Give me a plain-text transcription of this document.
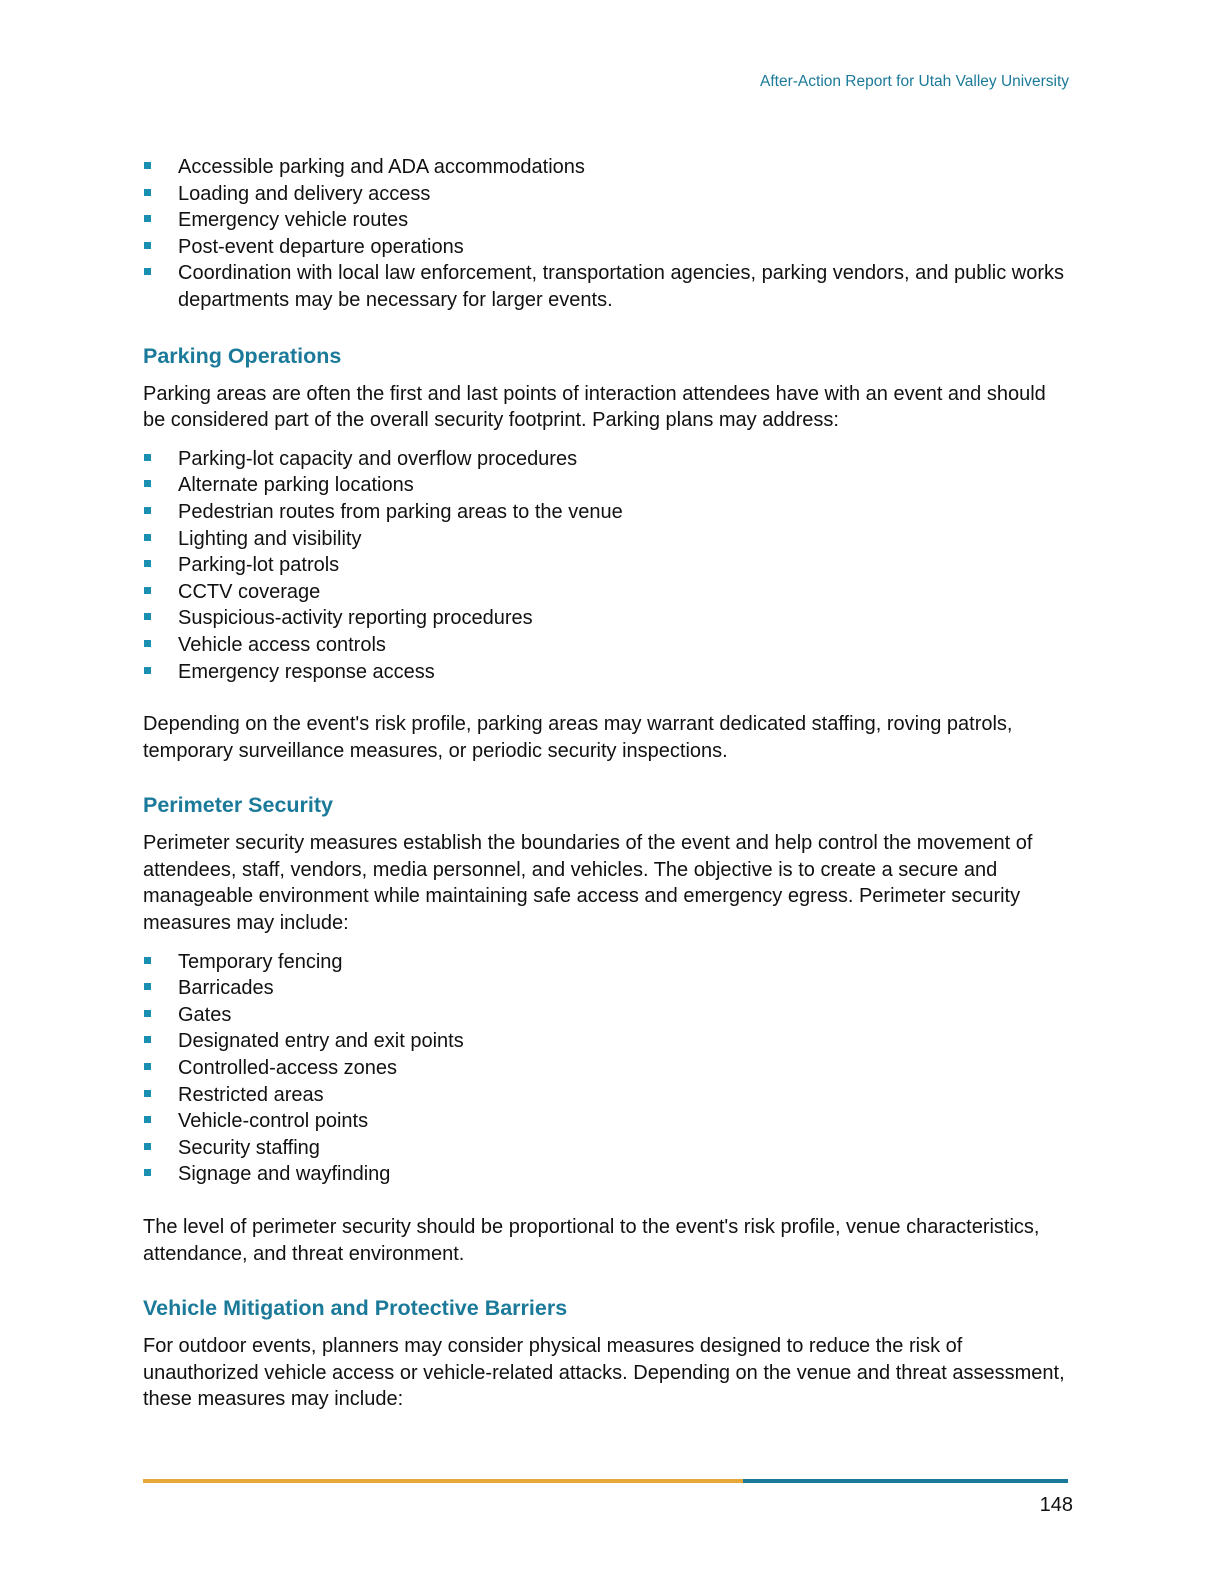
After-Action Report for Utah Valley University
Accessible parking and ADA accommodations
Loading and delivery access
Emergency vehicle routes
Post-event departure operations
Coordination with local law enforcement, transportation agencies, parking vendors, and public works departments may be necessary for larger events.
Parking Operations

Parking areas are often the first and last points of interaction attendees have with an event and should be considered part of the overall security footprint. Parking plans may address:

Parking-lot capacity and overflow procedures
Alternate parking locations
Pedestrian routes from parking areas to the venue
Lighting and visibility
Parking-lot patrols
CCTV coverage
Suspicious-activity reporting procedures
Vehicle access controls
Emergency response access

Depending on the event's risk profile, parking areas may warrant dedicated staffing, roving patrols, temporary surveillance measures, or periodic security inspections.

Perimeter Security

Perimeter security measures establish the boundaries of the event and help control the movement of attendees, staff, vendors, media personnel, and vehicles. The objective is to create a secure and manageable environment while maintaining safe access and emergency egress. Perimeter security measures may include:

Temporary fencing
Barricades
Gates
Designated entry and exit points
Controlled-access zones
Restricted areas
Vehicle-control points
Security staffing
Signage and wayfinding

The level of perimeter security should be proportional to the event's risk profile, venue characteristics, attendance, and threat environment.

Vehicle Mitigation and Protective Barriers

For outdoor events, planners may consider physical measures designed to reduce the risk of unauthorized vehicle access or vehicle-related attacks. Depending on the venue and threat assessment, these measures may include:

148
